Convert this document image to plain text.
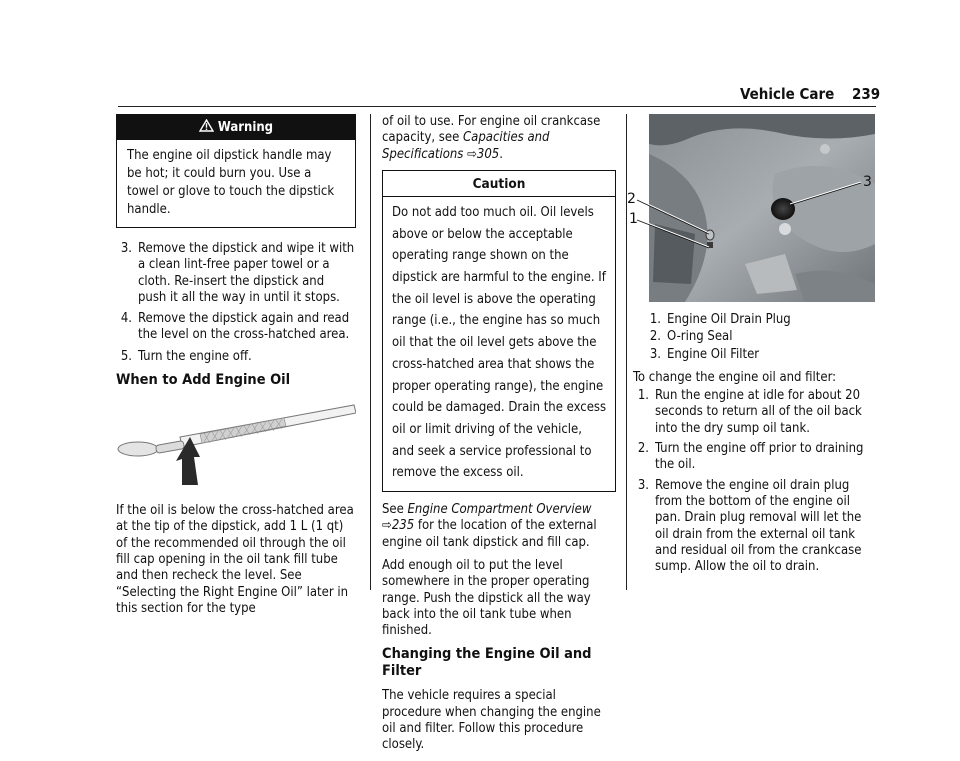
Vehicle Care 239
Warning
The engine oil dipstick handle may be hot; it could burn you. Use a towel or glove to touch the dipstick handle.
3. Remove the dipstick and wipe it with a clean lint-free paper towel or a cloth. Re-insert the dipstick and push it all the way in until it stops.
4. Remove the dipstick again and read the level on the cross-hatched area.
5. Turn the engine off.
When to Add Engine Oil

If the oil is below the cross-hatched area at the tip of the dipstick, add 1 L (1 qt) of the recommended oil through the oil fill cap opening in the oil tank fill tube and then recheck the level. See “Selecting the Right Engine Oil” later in this section for the type

of oil to use. For engine oil crankcase capacity, see Capacities and Specifications ⇨305.

Caution
Do not add too much oil. Oil levels above or below the acceptable operating range shown on the dipstick are harmful to the engine. If the oil level is above the operating range (i.e., the engine has so much oil that the oil level gets above the cross-hatched area that shows the proper operating range), the engine could be damaged. Drain the excess oil or limit driving of the vehicle, and seek a service professional to remove the excess oil.

See Engine Compartment Overview ⇨235 for the location of the external engine oil tank dipstick and fill cap.

Add enough oil to put the level somewhere in the proper operating range. Push the dipstick all the way back into the oil tank tube when finished.

Changing the Engine Oil and Filter

The vehicle requires a special procedure when changing the engine oil and filter. Follow this procedure closely.

2
1
3
1. Engine Oil Drain Plug
2. O-ring Seal
3. Engine Oil Filter

To change the engine oil and filter:

1. Run the engine at idle for about 20 seconds to return all of the oil back into the dry sump oil tank.
2. Turn the engine off prior to draining the oil.
3. Remove the engine oil drain plug from the bottom of the engine oil pan. Drain plug removal will let the oil drain from the external oil tank and residual oil from the crankcase sump. Allow the oil to drain.
